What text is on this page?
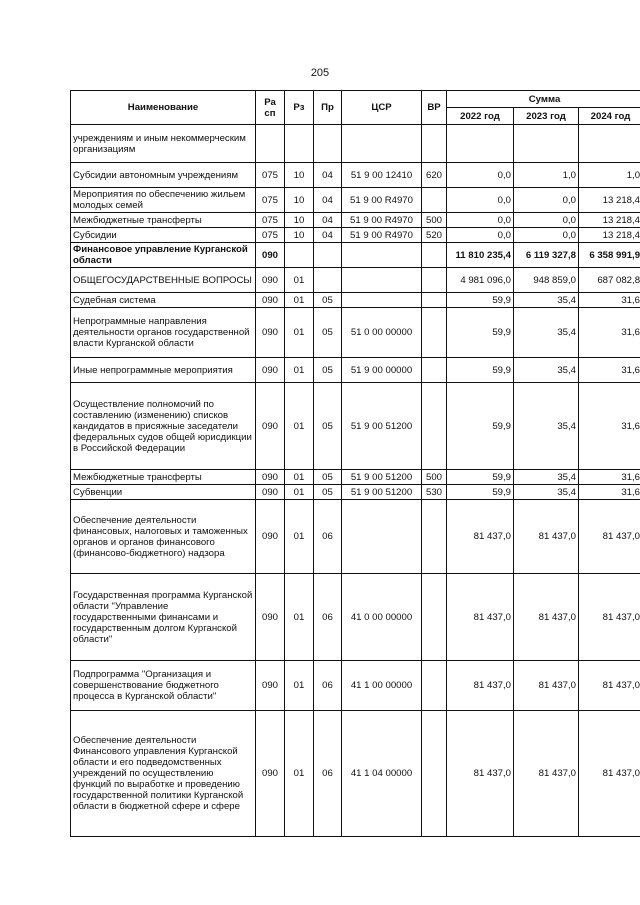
205
Наименование	Ра сп	Рз	Пр	ЦСР	ВР	Сумма		
						2022 год	2023 год	2024 год
учреждениям и иным некоммерческим организациям								
Субсидии автономным учреждениям	075	10	04	51 9 00 12410	620	0,0	1,0	1,0
Мероприятия по обеспечению жильем молодых семей	075	10	04	51 9 00 R4970		0,0	0,0	13 218,4
Межбюджетные трансферты	075	10	04	51 9 00 R4970	500	0,0	0,0	13 218,4
Субсидии	075	10	04	51 9 00 R4970	520	0,0	0,0	13 218,4
Финансовое управление Курганской области	090					11 810 235,4	6 119 327,8	6 358 991,9
ОБЩЕГОСУДАРСТВЕННЫЕ ВОПРОСЫ	090	01				4 981 096,0	948 859,0	687 082,8
Судебная система	090	01	05			59,9	35,4	31,6
Непрограммные направления деятельности органов государственной власти Курганской области	090	01	05	51 0 00 00000		59,9	35,4	31,6
Иные непрограммные мероприятия	090	01	05	51 9 00 00000		59,9	35,4	31,6
Осуществление полномочий по составлению (изменению) списков кандидатов в присяжные заседатели федеральных судов общей юрисдикции в Российской Федерации	090	01	05	51 9 00 51200		59,9	35,4	31,6
Межбюджетные трансферты	090	01	05	51 9 00 51200	500	59,9	35,4	31,6
Субвенции	090	01	05	51 9 00 51200	530	59,9	35,4	31,6
Обеспечение деятельности финансовых, налоговых и таможенных органов и органов финансового (финансово-бюджетного) надзора	090	01	06			81 437,0	81 437,0	81 437,0
Государственная программа Курганской области "Управление государственными финансами и государственным долгом Курганской области"	090	01	06	41 0 00 00000		81 437,0	81 437,0	81 437,0
Подпрограмма "Организация и совершенствование бюджетного процесса в Курганской области"	090	01	06	41 1 00 00000		81 437,0	81 437,0	81 437,0
Обеспечение деятельности Финансового управления Курганской области и его подведомственных учреждений по осуществлению функций по выработке и проведению государственной политики Курганской области в бюджетной сфере и сфере	090	01	06	41 1 04 00000		81 437,0	81 437,0	81 437,0
